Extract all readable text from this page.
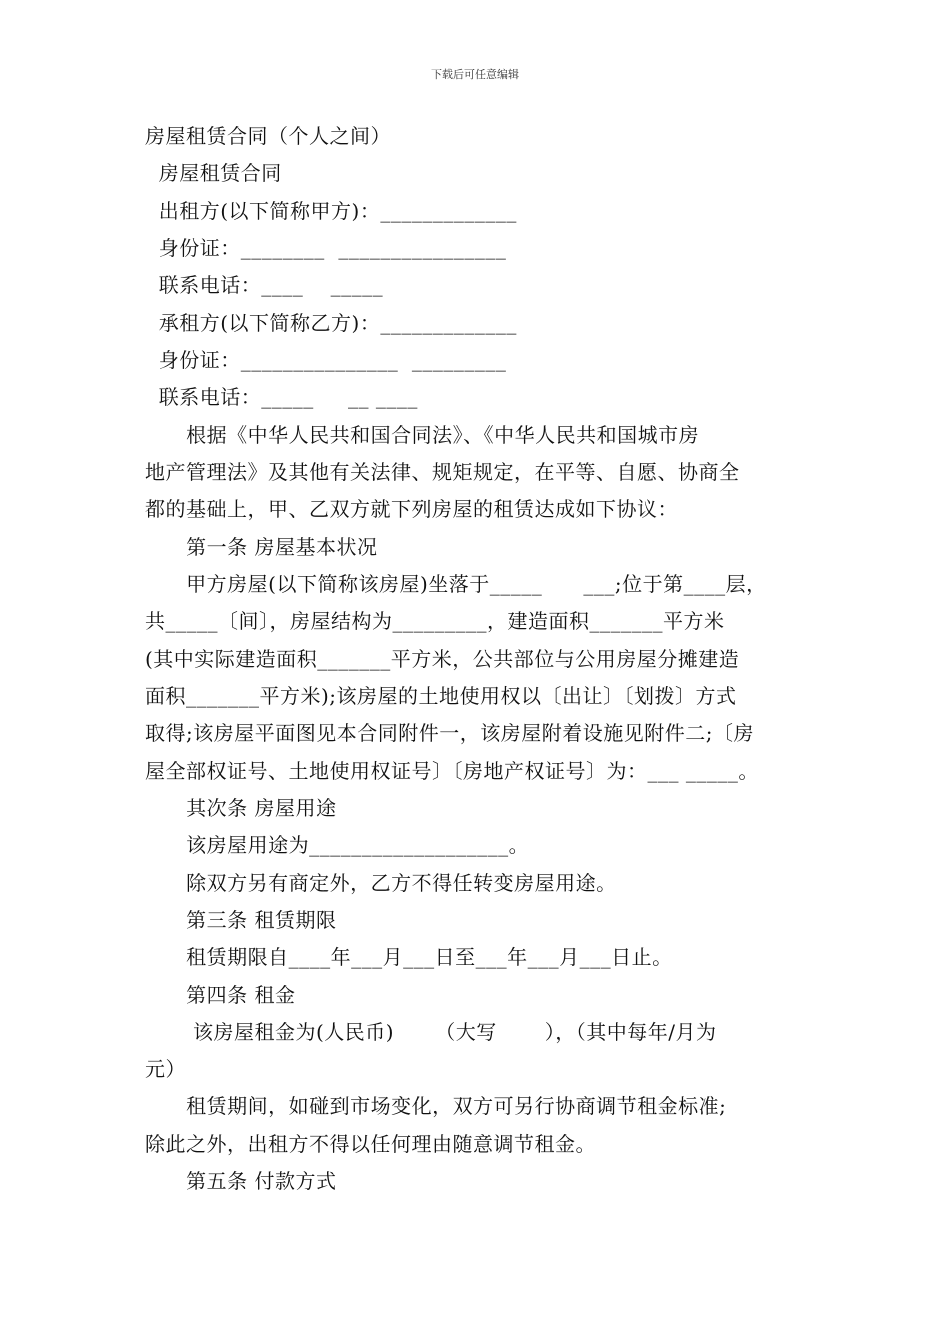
下载后可任意编辑
房屋租赁合同（个人之间）
房屋租赁合同
出租方(以下简称甲方)：_____________
身份证：________  ________________
联系电话：____    _____
承租方(以下简称乙方)：_____________
身份证：_______________  _________
联系电话：_____     __ ____
根据《中华人民共和国合同法》、《中华人民共和国城市房
地产管理法》及其他有关法律、规矩规定，在平等、自愿、协商全
都的基础上，甲、乙双方就下列房屋的租赁达成如下协议：
第一条 房屋基本状况
甲方房屋(以下简称该房屋)坐落于_____      ___;位于第____层，
共_____〔间〕，房屋结构为_________，建造面积_______平方米
(其中实际建造面积_______平方米，公共部位与公用房屋分摊建造
面积_______平方米);该房屋的土地使用权以〔出让〕〔划拨〕方式
取得;该房屋平面图见本合同附件一，该房屋附着设施见附件二;〔房
屋全部权证号、土地使用权证号〕〔房地产权证号〕为：___ _____。
其次条 房屋用途
该房屋用途为___________________。
除双方另有商定外，乙方不得任转变房屋用途。
第三条 租赁期限
租赁期限自____年___月___日至___年___月___日止。
第四条 租金
该房屋租金为(人民币)      （大写       ），（其中每年/月为
元）
租赁期间，如碰到市场变化，双方可另行协商调节租金标准;
除此之外，出租方不得以任何理由随意调节租金。
第五条 付款方式
